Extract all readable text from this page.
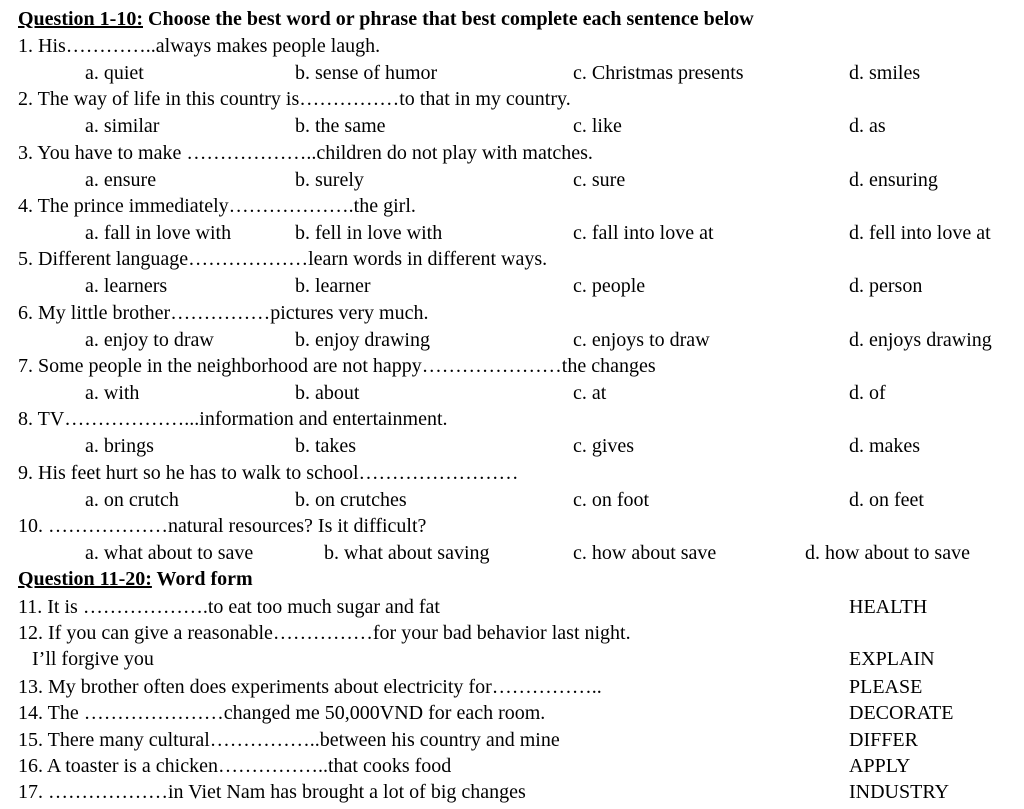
Question 1-10: Choose the best word or phrase that best complete each sentence below
1. His…………..always makes people laugh.
a. quiet	b. sense of humor	c. Christmas presents	d. smiles
2. The way of life in this country is……………to that in my country.
a. similar	b. the same	c. like	d. as
3. You have to make ………………..children do not play with matches.
a. ensure	b. surely	c. sure	d. ensuring
4. The prince immediately……………….the girl.
a. fall in love with	b. fell in love with	c. fall into love at	d. fell into love at
5. Different language………………learn words in different ways.
a. learners	b. learner	c. people	d. person
6. My little brother……………pictures very much.
a. enjoy to draw	b. enjoy drawing	c. enjoys to draw	d. enjoys drawing
7. Some people in the neighborhood are not happy…………………the changes
a. with	b. about	c. at	d. of
8. TV………………...information and entertainment.
a. brings	b. takes	c. gives	d. makes
9. His feet hurt so he has to walk to school……………………
a. on crutch	b. on crutches	c. on foot	d. on feet
10. ………………natural resources? Is it difficult?
a. what about to save	b. what about saving	c. how about save	d. how about to save
Question 11-20: Word form
11. It is ……………….to eat too much sugar and fat	HEALTH
12. If you can give a reasonable……………for your bad behavior last night.
I’ll forgive you	EXPLAIN
13. My brother often does experiments about electricity for……………..	PLEASE
14. The …………………changed me 50,000VND for each room.	DECORATE
15. There many cultural……………..between his country and mine	DIFFER
16. A toaster is a chicken……………..that cooks food	APPLY
17. ………………in Viet Nam has brought a lot of big changes	INDUSTRY
